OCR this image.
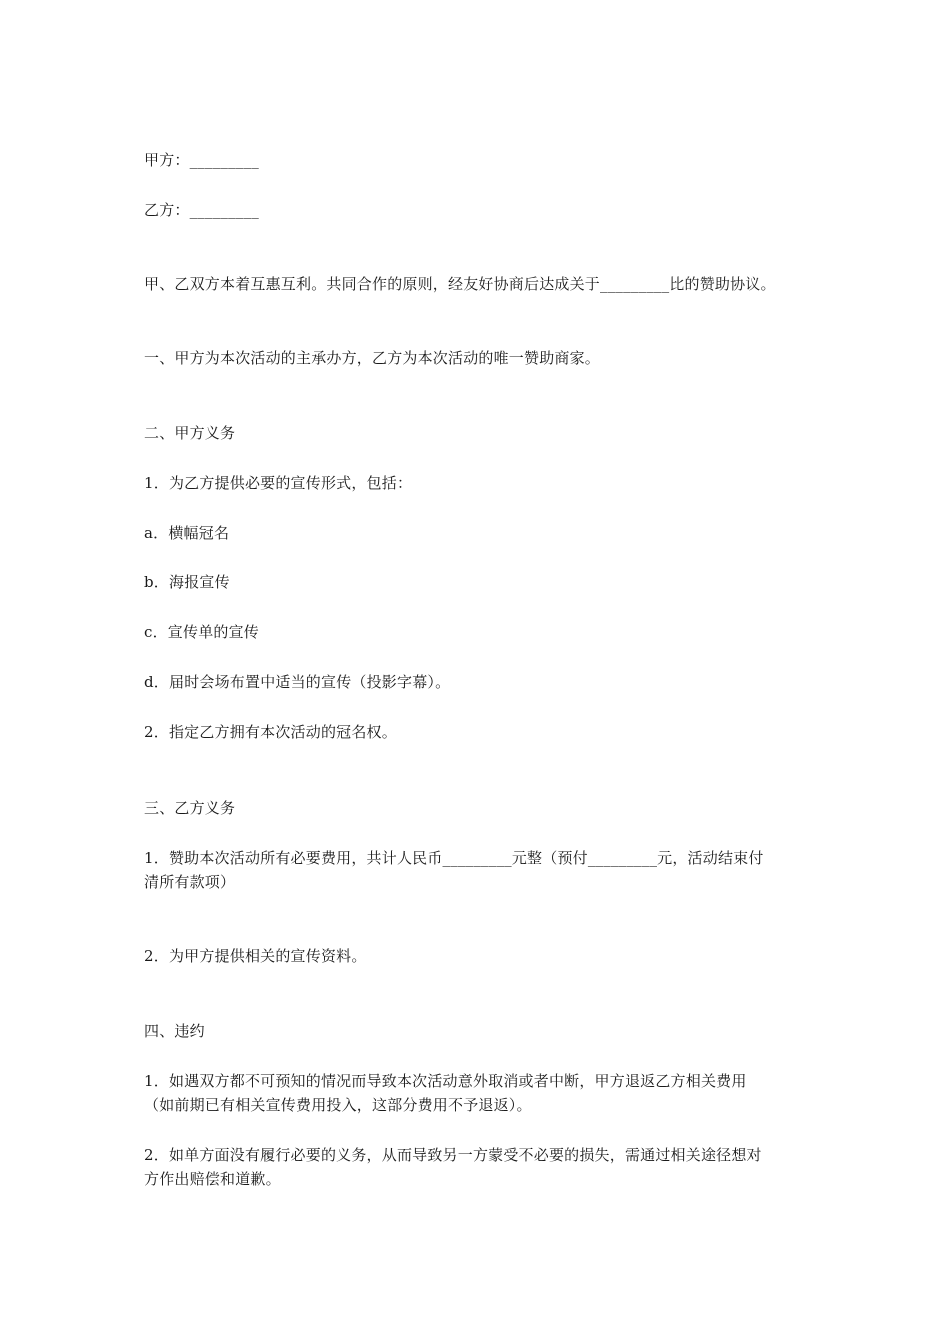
甲方：_________
乙方：_________
甲、乙双方本着互惠互利。共同合作的原则，经友好协商后达成关于_________比的赞助协议。
一、甲方为本次活动的主承办方，乙方为本次活动的唯一赞助商家。
二、甲方义务
1．为乙方提供必要的宣传形式，包括：
a．横幅冠名
b．海报宣传
c．宣传单的宣传
d．届时会场布置中适当的宣传（投影字幕）。
2．指定乙方拥有本次活动的冠名权。
三、乙方义务
1．赞助本次活动所有必要费用，共计人民币_________元整（预付_________元，活动结束付
清所有款项）
2．为甲方提供相关的宣传资料。
四、违约
1．如遇双方都不可预知的情况而导致本次活动意外取消或者中断，甲方退返乙方相关费用
（如前期已有相关宣传费用投入，这部分费用不予退返）。
2．如单方面没有履行必要的义务，从而导致另一方蒙受不必要的损失，需通过相关途径想对
方作出赔偿和道歉。
